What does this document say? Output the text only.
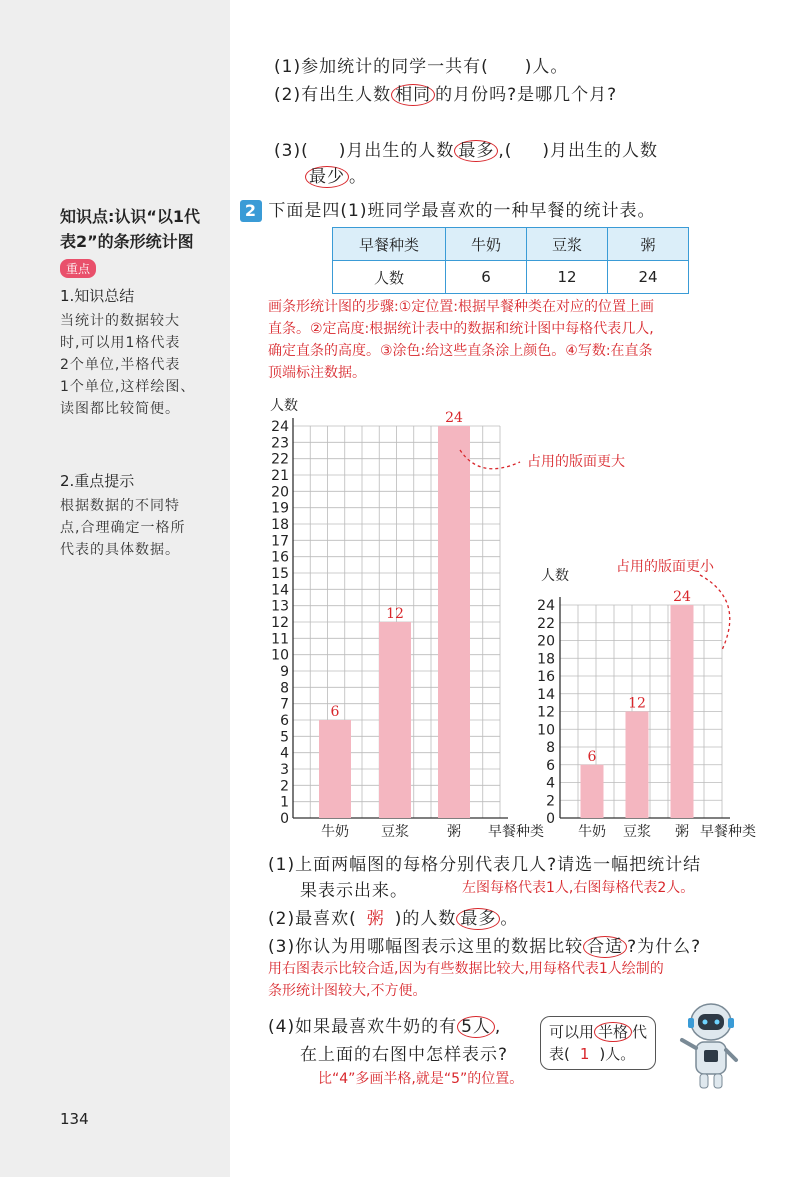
知识点:认识“以1代
表2”的条形统计图
重点
1.知识总结
当统计的数据较大
时,可以用1格代表
2个单位,半格代表
1个单位,这样绘图、
读图都比较简便。
2.重点提示
根据数据的不同特
点,合理确定一格所
代表的具体数据。
(1)参加统计的同学一共有( )人。
(2)有出生人数 相同 的月份吗?是哪几个月?
(3)( )月出生的人数 最多 ,( )月出生的人数
最少 。
2 下面是四(1)班同学最喜欢的一种早餐的统计表。
早餐种类	牛奶	豆浆	粥
人数	6	12	24
画条形统计图的步骤:①定位置:根据早餐种类在对应的位置上画
直条。②定高度:根据统计表中的数据和统计图中每格代表几人,
确定直条的高度。③涂色:给这些直条涂上颜色。④写数:在直条
顶端标注数据。
0
1
2
3
4
5
6
7
8
9
10
11
12
13
14
15
16
17
18
19
20
21
22
23
24
人数
6
牛奶
12
豆浆
24
粥 早餐种类
0
2
4
6
8
10
12
14
16
18
20
22
24
人数
6
牛奶
12
豆浆
24
粥 早餐种类
占用的版面更大
占用的版面更小
(1)上面两幅图的每格分别代表几人?请选一幅把统计结
果表示出来。	左图每格代表1人,右图每格代表2人。
(2)最喜欢( 粥 )的人数 最多 。
(3)你认为用哪幅图表示这里的数据比较 合适 ?为什么?
用右图表示比较合适,因为有些数据比较大,用每格代表1人绘制的
条形统计图较大,不方便。
(4)如果最喜欢牛奶的有 5人 ,
在上面的右图中怎样表示?
比“4”多画半格,就是“5”的位置。
可以用 半格 代
表( 1 )人。
134
